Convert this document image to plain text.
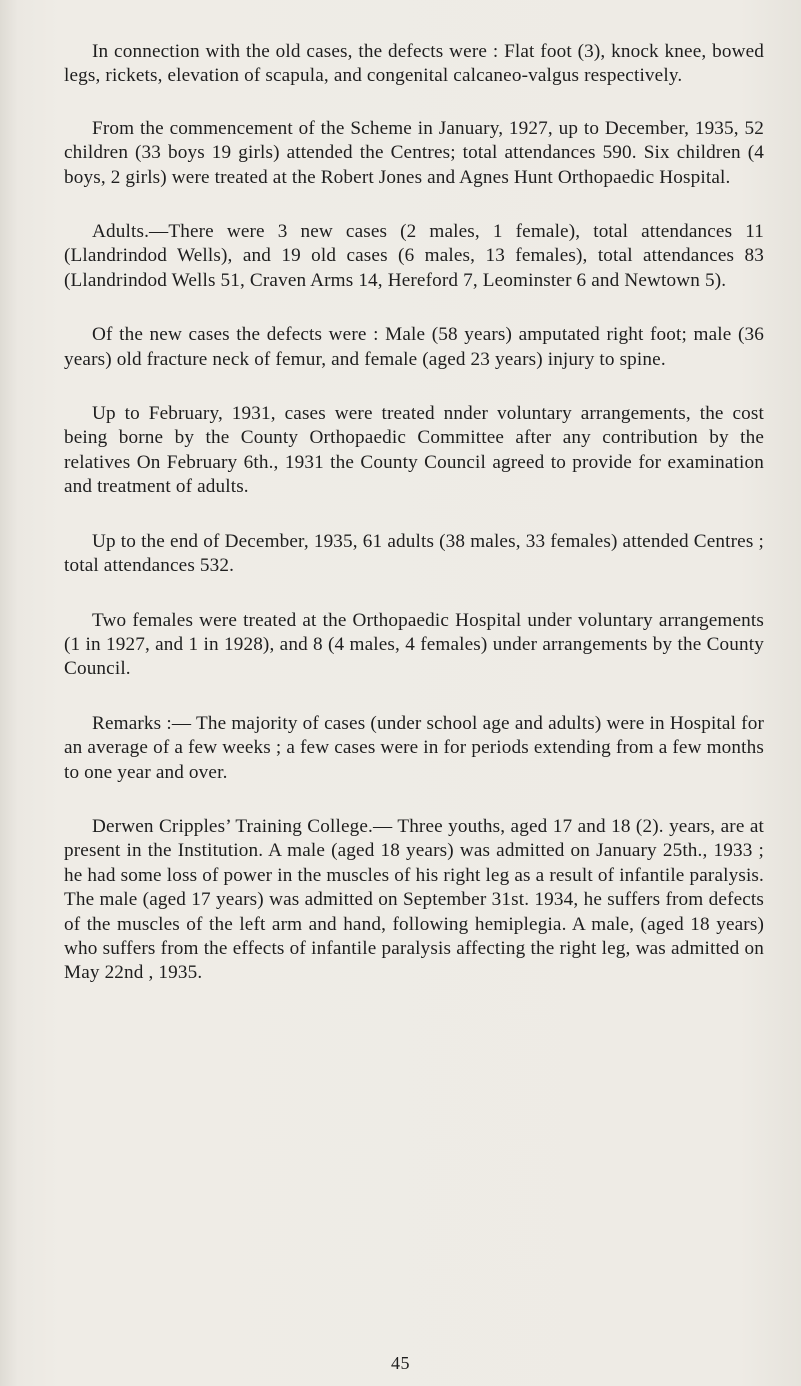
In connection with the old cases, the defects were : Flat foot (3), knock knee, bowed legs, rickets, elevation of scapula, and congenital calcaneo-valgus respectively.

From the commencement of the Scheme in January, 1927, up to December, 1935, 52 children (33 boys 19 girls) attended the Centres; total attendances 590. Six children (4 boys, 2 girls) were treated at the Robert Jones and Agnes Hunt Orthopaedic Hospital.

Adults.—There were 3 new cases (2 males, 1 female), total attendances 11 (Llandrindod Wells), and 19 old cases (6 males, 13 females), total attendances 83 (Llandrindod Wells 51, Craven Arms 14, Hereford 7, Leominster 6 and Newtown 5).

Of the new cases the defects were : Male (58 years) amputated right foot; male (36 years) old fracture neck of femur, and female (aged 23 years) injury to spine.

Up to February, 1931, cases were treated nnder voluntary arrangements, the cost being borne by the County Orthopaedic Committee after any contribution by the relatives On February 6th., 1931 the County Council agreed to provide for examination and treatment of adults.

Up to the end of December, 1935, 61 adults (38 males, 33 females) attended Centres ; total attendances 532.

Two females were treated at the Orthopaedic Hospital under voluntary arrangements (1 in 1927, and 1 in 1928), and 8 (4 males, 4 females) under arrangements by the County Council.

Remarks :— The majority of cases (under school age and adults) were in Hospital for an average of a few weeks ; a few cases were in for periods extending from a few months to one year and over.

Derwen Cripples’ Training College.— Three youths, aged 17 and 18 (2). years, are at present in the Institution. A male (aged 18 years) was admitted on January 25th., 1933 ; he had some loss of power in the muscles of his right leg as a result of infantile paralysis. The male (aged 17 years) was admitted on September 31st. 1934, he suffers from defects of the muscles of the left arm and hand, following hemiplegia. A male, (aged 18 years) who suffers from the effects of infantile paralysis affecting the right leg, was admitted on May 22nd , 1935.

45
